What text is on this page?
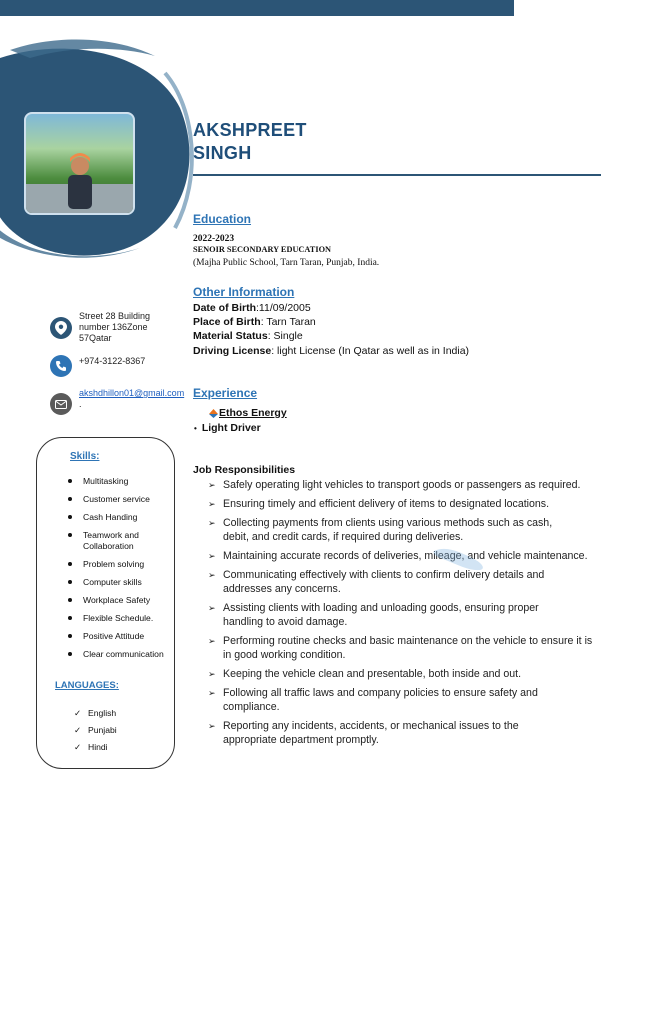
AKSHPREET
SINGH
Education
2022-2023
SENOIR SECONDARY EDUCATION
(Majha Public School, Tarn Taran, Punjab, India.
Other Information
Date of Birth:11/09/2005
Place of Birth: Tarn Taran
Material Status: Single
Driving License: light License (In Qatar as well as in India)
Street 28 Building
number 136Zone
57Qatar
+974-3122-8367
akshdhillon01@gmail.com
.
Skills:
Multitasking
Customer service
Cash Handing
Teamwork and Collaboration
Problem solving
Computer skills
Workplace Safety
Flexible Schedule.
Positive Attitude
Clear communication
LANGUAGES:
✓ English
✓ Punjabi
✓ Hindi
Experience
Ethos Energy
• Light Driver
Job Responsibilities
➢ Safely operating light vehicles to transport goods or passengers as required.
➢ Ensuring timely and efficient delivery of items to designated locations.
➢ Collecting payments from clients using various methods such as cash, debit, and credit cards, if required during deliveries.
➢ Maintaining accurate records of deliveries, mileage, and vehicle maintenance.
➢ Communicating effectively with clients to confirm delivery details and addresses any concerns.
➢ Assisting clients with loading and unloading goods, ensuring proper handling to avoid damage.
➢ Performing routine checks and basic maintenance on the vehicle to ensure it is in good working condition.
➢ Keeping the vehicle clean and presentable, both inside and out.
➢ Following all traffic laws and company policies to ensure safety and compliance.
➢ Reporting any incidents, accidents, or mechanical issues to the appropriate department promptly.
